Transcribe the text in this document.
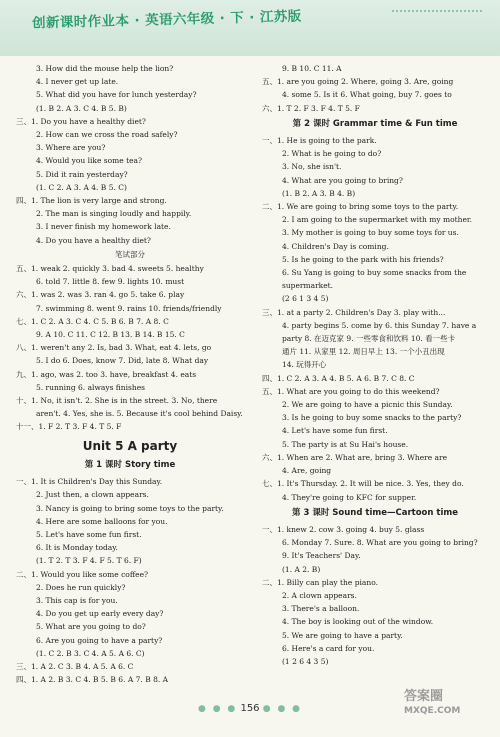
创新课时作业本 · 英语六年级 · 下 · 江苏版
3. How did the mouse help the lion?
4. I never get up late.
5. What did you have for lunch yesterday?
(1. B 2. A 3. C 4. B 5. B)
三、1. Do you have a healthy diet?
2. How can we cross the road safely?
3. Where are you?
4. Would you like some tea?
5. Did it rain yesterday?
(1. C 2. A 3. A 4. B 5. C)
四、1. The lion is very large and strong.
2. The man is singing loudly and happily.
3. I never finish my homework late.
4. Do you have a healthy diet?
笔试部分
五、1. weak 2. quickly 3. bad 4. sweets 5. healthy
6. told 7. little 8. few 9. lights 10. must
六、1. was 2. was 3. ran 4. go 5. take 6. play
7. swimming 8. went 9. rains 10. friends/friendly
七、1. C 2. A 3. C 4. C 5. B 6. B 7. A 8. C
9. A 10. C 11. C 12. B 13. B 14. B 15. C
八、1. weren't any 2. Is, bad 3. What, eat 4. lets, go
5. I do 6. Does, know 7. Did, late 8. What day
九、1. ago, was 2. too 3. have, breakfast 4. eats
5. running 6. always finishes
十、1. No, it isn't. 2. She is in the street. 3. No, there
aren't. 4. Yes, she is. 5. Because it's cool behind Daisy.
十一、1. F 2. T 3. F 4. T 5. F
Unit 5 A party
第 1 课时 Story time
一、1. It is Children's Day this Sunday.
2. Just then, a clown appears.
3. Nancy is going to bring some toys to the party.
4. Here are some balloons for you.
5. Let's have some fun first.
6. It is Monday today.
(1. T 2. T 3. F 4. F 5. T 6. F)
二、1. Would you like some coffee?
2. Does he run quickly?
3. This cap is for you.
4. Do you get up early every day?
5. What are you going to do?
6. Are you going to have a party?
(1. C 2. B 3. C 4. A 5. A 6. C)
三、1. A 2. C 3. B 4. A 5. A 6. C
四、1. A 2. B 3. C 4. B 5. B 6. A 7. B 8. A
9. B 10. C 11. A
五、1. are you going 2. Where, going 3. Are, going
4. some 5. Is it 6. What going, buy 7. goes to
六、1. T 2. F 3. F 4. T 5. F
第 2 课时 Grammar time & Fun time
一、1. He is going to the park.
2. What is he going to do?
3. No, she isn't.
4. What are you going to bring?
(1. B 2. A 3. B 4. B)
二、1. We are going to bring some toys to the party.
2. I am going to the supermarket with my mother.
3. My mother is going to buy some toys for us.
4. Children's Day is coming.
5. Is he going to the park with his friends?
6. Su Yang is going to buy some snacks from the
supermarket.
(2 6 1 3 4 5)
三、1. at a party 2. Children's Day 3. play with...
4. party begins 5. come by 6. this Sunday 7. have a
party 8. 在迈克家 9. 一些零食和饮料 10. 看一些卡
通片 11. 从家里 12. 周日早上 13. 一个小丑出现
14. 玩得开心
四、1. C 2. A 3. A 4. B 5. A 6. B 7. C 8. C
五、1. What are you going to do this weekend?
2. We are going to have a picnic this Sunday.
3. Is he going to buy some snacks to the party?
4. Let's have some fun first.
5. The party is at Su Hai's house.
六、1. When are 2. What are, bring 3. Where are
4. Are, going
七、1. It's Thursday. 2. It will be nice. 3. Yes, they do.
4. They're going to KFC for supper.
第 3 课时 Sound time—Cartoon time
一、1. knew 2. cow 3. going 4. buy 5. glass
6. Monday 7. Sure. 8. What are you going to bring?
9. It's Teachers' Day.
(1. A 2. B)
二、1. Billy can play the piano.
2. A clown appears.
3. There's a balloon.
4. The boy is looking out of the window.
5. We are going to have a party.
6. Here's a card for you.
(1 2 6 4 3 5)
● ● ● 156 ● ● ●
答案圈
MXQE.COM
